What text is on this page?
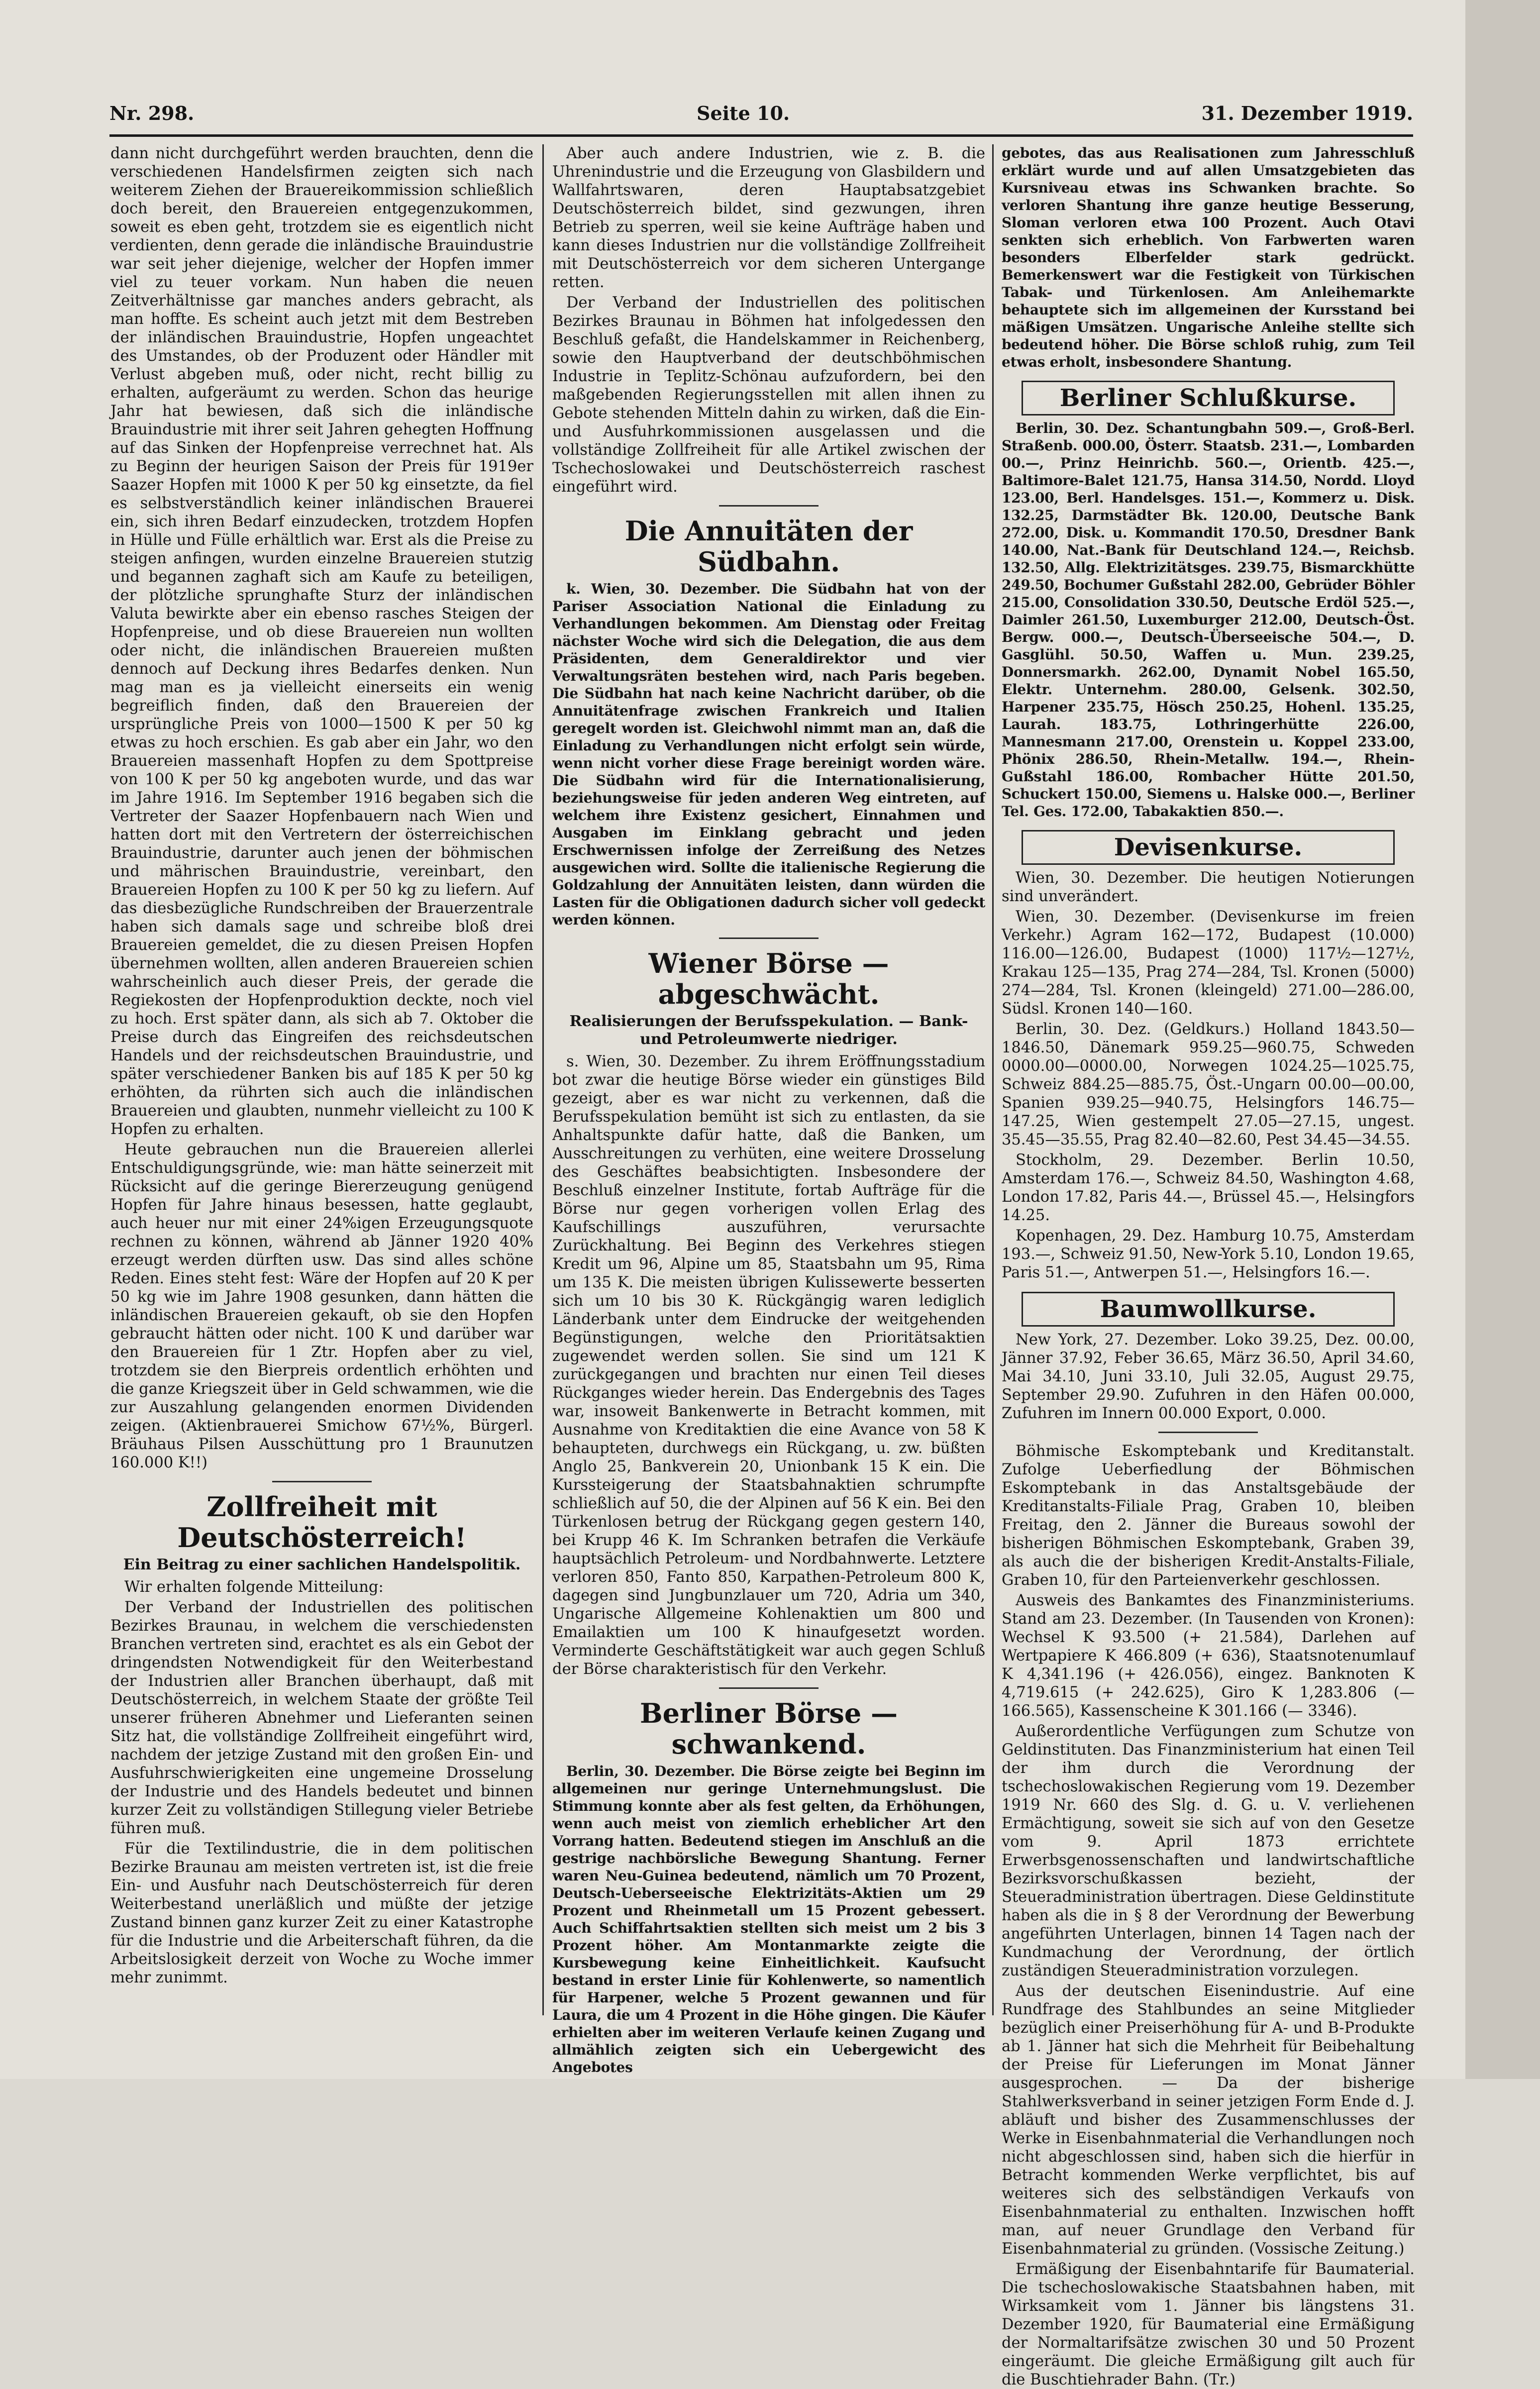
Nr. 298.	Seite 10.	31. Dezember 1919.

dann nicht durchgeführt werden brauchten, denn die verschiedenen Handelsfirmen zeigten sich nach weiterem Ziehen der Brauereikommission schließlich doch bereit, den Brauereien entgegenzukommen, soweit es eben geht, trotzdem sie es eigentlich nicht verdienten, denn gerade die inländische Brauindustrie war seit jeher diejenige, welcher der Hopfen immer viel zu teuer vorkam. Nun haben die neuen Zeitverhältnisse gar manches anders gebracht, als man hoffte. Es scheint auch jetzt mit dem Bestreben der inländischen Brauindustrie, Hopfen ungeachtet des Umstandes, ob der Produzent oder Händler mit Verlust abgeben muß, oder nicht, recht billig zu erhalten, aufgeräumt zu werden. Schon das heurige Jahr hat bewiesen, daß sich die inländische Brauindustrie mit ihrer seit Jahren gehegten Hoffnung auf das Sinken der Hopfenpreise verrechnet hat. Als zu Beginn der heurigen Saison der Preis für 1919er Saazer Hopfen mit 1000 K per 50 kg einsetzte, da fiel es selbstverständlich keiner inländischen Brauerei ein, sich ihren Bedarf einzudecken, trotzdem Hopfen in Hülle und Fülle erhältlich war. Erst als die Preise zu steigen anfingen, wurden einzelne Brauereien stutzig und begannen zaghaft sich am Kaufe zu beteiligen, der plötzliche sprunghafte Sturz der inländischen Valuta bewirkte aber ein ebenso rasches Steigen der Hopfenpreise, und ob diese Brauereien nun wollten oder nicht, die inländischen Brauereien mußten dennoch auf Deckung ihres Bedarfes denken. Nun mag man es ja vielleicht einerseits ein wenig begreiflich finden, daß den Brauereien der ursprüngliche Preis von 1000—1500 K per 50 kg etwas zu hoch erschien. Es gab aber ein Jahr, wo den Brauereien massenhaft Hopfen zu dem Spottpreise von 100 K per 50 kg angeboten wurde, und das war im Jahre 1916. Im September 1916 begaben sich die Vertreter der Saazer Hopfenbauern nach Wien und hatten dort mit den Vertretern der österreichischen Brauindustrie, darunter auch jenen der böhmischen und mährischen Brauindustrie, vereinbart, den Brauereien Hopfen zu 100 K per 50 kg zu liefern. Auf das diesbezügliche Rundschreiben der Brauerzentrale haben sich damals sage und schreibe bloß drei Brauereien gemeldet, die zu diesen Preisen Hopfen übernehmen wollten, allen anderen Brauereien schien wahrscheinlich auch dieser Preis, der gerade die Regiekosten der Hopfenproduktion deckte, noch viel zu hoch. Erst später dann, als sich ab 7. Oktober die Preise durch das Eingreifen des reichsdeutschen Handels und der reichsdeutschen Brauindustrie, und später verschiedener Banken bis auf 185 K per 50 kg erhöhten, da rührten sich auch die inländischen Brauereien und glaubten, nunmehr vielleicht zu 100 K Hopfen zu erhalten.

Heute gebrauchen nun die Brauereien allerlei Entschuldigungsgründe, wie: man hätte seinerzeit mit Rücksicht auf die geringe Biererzeugung genügend Hopfen für Jahre hinaus besessen, hatte geglaubt, auch heuer nur mit einer 24%igen Erzeugungsquote rechnen zu können, während ab Jänner 1920 40% erzeugt werden dürften usw. Das sind alles schöne Reden. Eines steht fest: Wäre der Hopfen auf 20 K per 50 kg wie im Jahre 1908 gesunken, dann hätten die inländischen Brauereien gekauft, ob sie den Hopfen gebraucht hätten oder nicht. 100 K und darüber war den Brauereien für 1 Ztr. Hopfen aber zu viel, trotzdem sie den Bierpreis ordentlich erhöhten und die ganze Kriegszeit über in Geld schwammen, wie die zur Auszahlung gelangenden enormen Dividenden zeigen. (Aktienbrauerei Smichow 67½%, Bürgerl. Bräuhaus Pilsen Ausschüttung pro 1 Braunutzen 160.000 K!!)

Zollfreiheit mit Deutschösterreich!
Ein Beitrag zu einer sachlichen Handelspolitik.

Wir erhalten folgende Mitteilung:

Der Verband der Industriellen des politischen Bezirkes Braunau, in welchem die verschiedensten Branchen vertreten sind, erachtet es als ein Gebot der dringendsten Notwendigkeit für den Weiterbestand der Industrien aller Branchen überhaupt, daß mit Deutschösterreich, in welchem Staate der größte Teil unserer früheren Abnehmer und Lieferanten seinen Sitz hat, die vollständige Zollfreiheit eingeführt wird, nachdem der jetzige Zustand mit den großen Ein- und Ausfuhrschwierigkeiten eine ungemeine Drosselung der Industrie und des Handels bedeutet und binnen kurzer Zeit zu vollständigen Stillegung vieler Betriebe führen muß.

Für die Textilindustrie, die in dem politischen Bezirke Braunau am meisten vertreten ist, ist die freie Ein- und Ausfuhr nach Deutschösterreich für deren Weiterbestand unerläßlich und müßte der jetzige Zustand binnen ganz kurzer Zeit zu einer Katastrophe für die Industrie und die Arbeiterschaft führen, da die Arbeitslosigkeit derzeit von Woche zu Woche immer mehr zunimmt.

Aber auch andere Industrien, wie z. B. die Uhrenindustrie und die Erzeugung von Glasbildern und Wallfahrtswaren, deren Hauptabsatzgebiet Deutschösterreich bildet, sind gezwungen, ihren Betrieb zu sperren, weil sie keine Aufträge haben und kann dieses Industrien nur die vollständige Zollfreiheit mit Deutschösterreich vor dem sicheren Untergange retten.

Der Verband der Industriellen des politischen Bezirkes Braunau in Böhmen hat infolgedessen den Beschluß gefaßt, die Handelskammer in Reichenberg, sowie den Hauptverband der deutschböhmischen Industrie in Teplitz-Schönau aufzufordern, bei den maßgebenden Regierungsstellen mit allen ihnen zu Gebote stehenden Mitteln dahin zu wirken, daß die Ein- und Ausfuhrkommissionen ausgelassen und die vollständige Zollfreiheit für alle Artikel zwischen der Tschechoslowakei und Deutschösterreich raschest eingeführt wird.

Die Annuitäten der Südbahn.

k. Wien, 30. Dezember. Die Südbahn hat von der Pariser Association National die Einladung zu Verhandlungen bekommen. Am Dienstag oder Freitag nächster Woche wird sich die Delegation, die aus dem Präsidenten, dem Generaldirektor und vier Verwaltungsräten bestehen wird, nach Paris begeben. Die Südbahn hat nach keine Nachricht darüber, ob die Annuitätenfrage zwischen Frankreich und Italien geregelt worden ist. Gleichwohl nimmt man an, daß die Einladung zu Verhandlungen nicht erfolgt sein würde, wenn nicht vorher diese Frage bereinigt worden wäre. Die Südbahn wird für die Internationalisierung, beziehungsweise für jeden anderen Weg eintreten, auf welchem ihre Existenz gesichert, Einnahmen und Ausgaben im Einklang gebracht und jeden Erschwernissen infolge der Zerreißung des Netzes ausgewichen wird. Sollte die italienische Regierung die Goldzahlung der Annuitäten leisten, dann würden die Lasten für die Obligationen dadurch sicher voll gedeckt werden können.

Wiener Börse — abgeschwächt.
Realisierungen der Berufsspekulation. — Bank- und Petroleumwerte niedriger.

s. Wien, 30. Dezember. Zu ihrem Eröffnungsstadium bot zwar die heutige Börse wieder ein günstiges Bild gezeigt, aber es war nicht zu verkennen, daß die Berufsspekulation bemüht ist sich zu entlasten, da sie Anhaltspunkte dafür hatte, daß die Banken, um Ausschreitungen zu verhüten, eine weitere Drosselung des Geschäftes beabsichtigten. Insbesondere der Beschluß einzelner Institute, fortab Aufträge für die Börse nur gegen vorherigen vollen Erlag des Kaufschillings auszuführen, verursachte Zurückhaltung. Bei Beginn des Verkehres stiegen Kredit um 96, Alpine um 85, Staatsbahn um 95, Rima um 135 K. Die meisten übrigen Kulissewerte besserten sich um 10 bis 30 K. Rückgängig waren lediglich Länderbank unter dem Eindrucke der weitgehenden Begünstigungen, welche den Prioritätsaktien zugewendet werden sollen. Sie sind um 121 K zurückgegangen und brachten nur einen Teil dieses Rückganges wieder herein. Das Endergebnis des Tages war, insoweit Bankenwerte in Betracht kommen, mit Ausnahme von Kreditaktien die eine Avance von 58 K behaupteten, durchwegs ein Rückgang, u. zw. büßten Anglo 25, Bankverein 20, Unionbank 15 K ein. Die Kurssteigerung der Staatsbahnaktien schrumpfte schließlich auf 50, die der Alpinen auf 56 K ein. Bei den Türkenlosen betrug der Rückgang gegen gestern 140, bei Krupp 46 K. Im Schranken betrafen die Verkäufe hauptsächlich Petroleum- und Nordbahnwerte. Letztere verloren 850, Fanto 850, Karpathen-Petroleum 800 K, dagegen sind Jungbunzlauer um 720, Adria um 340, Ungarische Allgemeine Kohlenaktien um 800 und Emailaktien um 100 K hinaufgesetzt worden. Verminderte Geschäftstätigkeit war auch gegen Schluß der Börse charakteristisch für den Verkehr.

Berliner Börse — schwankend.

Berlin, 30. Dezember. Die Börse zeigte bei Beginn im allgemeinen nur geringe Unternehmungslust. Die Stimmung konnte aber als fest gelten, da Erhöhungen, wenn auch meist von ziemlich erheblicher Art den Vorrang hatten. Bedeutend stiegen im Anschluß an die gestrige nachbörsliche Bewegung Shantung. Ferner waren Neu-Guinea bedeutend, nämlich um 70 Prozent, Deutsch-Ueberseeische Elektrizitäts-Aktien um 29 Prozent und Rheinmetall um 15 Prozent gebessert. Auch Schiffahrtsaktien stellten sich meist um 2 bis 3 Prozent höher. Am Montanmarkte zeigte die Kursbewegung keine Einheitlichkeit. Kaufsucht bestand in erster Linie für Kohlenwerte, so namentlich für Harpener, welche 5 Prozent gewannen und für Laura, die um 4 Prozent in die Höhe gingen. Die Käufer erhielten aber im weiteren Verlaufe keinen Zugang und allmählich zeigten sich ein Uebergewicht des Angebotes

gebotes, das aus Realisationen zum Jahresschluß erklärt wurde und auf allen Umsatzgebieten das Kursniveau etwas ins Schwanken brachte. So verloren Shantung ihre ganze heutige Besserung, Sloman verloren etwa 100 Prozent. Auch Otavi senkten sich erheblich. Von Farbwerten waren besonders Elberfelder stark gedrückt. Bemerkenswert war die Festigkeit von Türkischen Tabak- und Türkenlosen. Am Anleihemarkte behauptete sich im allgemeinen der Kursstand bei mäßigen Umsätzen. Ungarische Anleihe stellte sich bedeutend höher. Die Börse schloß ruhig, zum Teil etwas erholt, insbesondere Shantung.

Berliner Schlußkurse.

Berlin, 30. Dez. Schantungbahn 509.—, Groß-Berl. Straßenb. 000.00, Österr. Staatsb. 231.—, Lombarden 00.—, Prinz Heinrichb. 560.—, Orientb. 425.—, Baltimore-Balet 121.75, Hansa 314.50, Nordd. Lloyd 123.00, Berl. Handelsges. 151.—, Kommerz u. Disk. 132.25, Darmstädter Bk. 120.00, Deutsche Bank 272.00, Disk. u. Kommandit 170.50, Dresdner Bank 140.00, Nat.-Bank für Deutschland 124.—, Reichsb. 132.50, Allg. Elektrizitätsges. 239.75, Bismarckhütte 249.50, Bochumer Gußstahl 282.00, Gebrüder Böhler 215.00, Consolidation 330.50, Deutsche Erdöl 525.—, Daimler 261.50, Luxemburger 212.00, Deutsch-Öst. Bergw. 000.—, Deutsch-Überseeische 504.—, D. Gasglühl. 50.50, Waffen u. Mun. 239.25, Donnersmarkh. 262.00, Dynamit Nobel 165.50, Elektr. Unternehm. 280.00, Gelsenk. 302.50, Harpener 235.75, Hösch 250.25, Hohenl. 135.25, Laurah. 183.75, Lothringerhütte 226.00, Mannesmann 217.00, Orenstein u. Koppel 233.00, Phönix 286.50, Rhein-Metallw. 194.—, Rhein-Gußstahl 186.00, Rombacher Hütte 201.50, Schuckert 150.00, Siemens u. Halske 000.—, Berliner Tel. Ges. 172.00, Tabakaktien 850.—.

Devisenkurse.

Wien, 30. Dezember. Die heutigen Notierungen sind unverändert.

Wien, 30. Dezember. (Devisenkurse im freien Verkehr.) Agram 162—172, Budapest (10.000) 116.00—126.00, Budapest (1000) 117½—127½, Krakau 125—135, Prag 274—284, Tsl. Kronen (5000) 274—284, Tsl. Kronen (kleingeld) 271.00—286.00, Südsl. Kronen 140—160.

Berlin, 30. Dez. (Geldkurs.) Holland 1843.50—1846.50, Dänemark 959.25—960.75, Schweden 0000.00—0000.00, Norwegen 1024.25—1025.75, Schweiz 884.25—885.75, Öst.-Ungarn 00.00—00.00, Spanien 939.25—940.75, Helsingfors 146.75—147.25, Wien gestempelt 27.05—27.15, ungest. 35.45—35.55, Prag 82.40—82.60, Pest 34.45—34.55.

Stockholm, 29. Dezember. Berlin 10.50, Amsterdam 176.—, Schweiz 84.50, Washington 4.68, London 17.82, Paris 44.—, Brüssel 45.—, Helsingfors 14.25.

Kopenhagen, 29. Dez. Hamburg 10.75, Amsterdam 193.—, Schweiz 91.50, New-York 5.10, London 19.65, Paris 51.—, Antwerpen 51.—, Helsingfors 16.—.

Baumwollkurse.

New York, 27. Dezember. Loko 39.25, Dez. 00.00, Jänner 37.92, Feber 36.65, März 36.50, April 34.60, Mai 34.10, Juni 33.10, Juli 32.05, August 29.75, September 29.90. Zufuhren in den Häfen 00.000, Zufuhren im Innern 00.000 Export, 0.000.

Böhmische Eskomptebank und Kreditanstalt. Zufolge Ueberfiedlung der Böhmischen Eskomptebank in das Anstaltsgebäude der Kreditanstalts-Filiale Prag, Graben 10, bleiben Freitag, den 2. Jänner die Bureaus sowohl der bisherigen Böhmischen Eskomptebank, Graben 39, als auch die der bisherigen Kredit-Anstalts-Filiale, Graben 10, für den Parteienverkehr geschlossen.

Ausweis des Bankamtes des Finanzministeriums. Stand am 23. Dezember. (In Tausenden von Kronen): Wechsel K 93.500 (+ 21.584), Darlehen auf Wertpapiere K 466.809 (+ 636), Staatsnotenumlauf K 4,341.196 (+ 426.056), eingez. Banknoten K 4,719.615 (+ 242.625), Giro K 1,283.806 (— 166.565), Kassenscheine K 301.166 (— 3346).

Außerordentliche Verfügungen zum Schutze von Geldinstituten. Das Finanzministerium hat einen Teil der ihm durch die Verordnung der tschechoslowakischen Regierung vom 19. Dezember 1919 Nr. 660 des Slg. d. G. u. V. verliehenen Ermächtigung, soweit sie sich auf von den Gesetze vom 9. April 1873 errichtete Erwerbsgenossenschaften und landwirtschaftliche Bezirksvorschußkassen bezieht, der Steueradministration übertragen. Diese Geldinstitute haben als die in § 8 der Verordnung der Bewerbung angeführten Unterlagen, binnen 14 Tagen nach der Kundmachung der Verordnung, der örtlich zuständigen Steueradministration vorzulegen.

Aus der deutschen Eisenindustrie. Auf eine Rundfrage des Stahlbundes an seine Mitglieder bezüglich einer Preiserhöhung für A- und B-Produkte ab 1. Jänner hat sich die Mehrheit für Beibehaltung der Preise für Lieferungen im Monat Jänner ausgesprochen. — Da der bisherige Stahlwerksverband in seiner jetzigen Form Ende d. J. abläuft und bisher des Zusammenschlusses der Werke in Eisenbahnmaterial die Verhandlungen noch nicht abgeschlossen sind, haben sich die hierfür in Betracht kommenden Werke verpflichtet, bis auf weiteres sich des selbständigen Verkaufs von Eisenbahnmaterial zu enthalten. Inzwischen hofft man, auf neuer Grundlage den Verband für Eisenbahnmaterial zu gründen. (Vossische Zeitung.)

Ermäßigung der Eisenbahntarife für Baumaterial. Die tschechoslowakische Staatsbahnen haben, mit Wirksamkeit vom 1. Jänner bis längstens 31. Dezember 1920, für Baumaterial eine Ermäßigung der Normaltarifsätze zwischen 30 und 50 Prozent eingeräumt. Die gleiche Ermäßigung gilt auch für die Buschtiehrader Bahn. (Tr.)
